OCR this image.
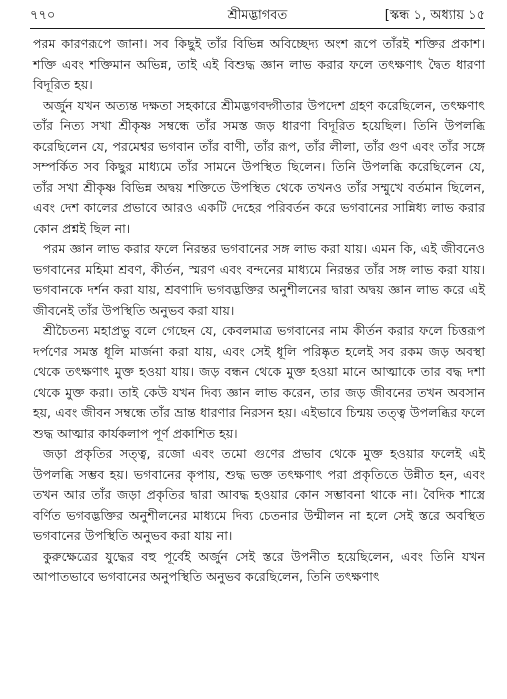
৭৭০	শ্রীমদ্ভাগবত	[স্কন্ধ ১, অধ্যায় ১৫

পরম কারণরূপে জানা। সব কিছুই তাঁর বিভিন্ন অবিচ্ছেদ্য অংশ রূপে তাঁরই শক্তির প্রকাশ। শক্তি এবং শক্তিমান অভিন্ন, তাই এই বিশুদ্ধ জ্ঞান লাভ করার ফলে তৎক্ষণাৎ দ্বৈত ধারণা বিদূরিত হয়।

অর্জুন যখন অত্যন্ত দক্ষতা সহকারে শ্রীমদ্ভগবদ্গীতার উপদেশ গ্রহণ করেছিলেন, তৎক্ষণাৎ তাঁর নিত্য সখা শ্রীকৃষ্ণ সম্বন্ধে তাঁর সমস্ত জড় ধারণা বিদূরিত হয়েছিল। তিনি উপলব্ধি করেছিলেন যে, পরমেশ্বর ভগবান তাঁর বাণী, তাঁর রূপ, তাঁর লীলা, তাঁর গুণ এবং তাঁর সঙ্গে সম্পর্কিত সব কিছুর মাধ্যমে তাঁর সামনে উপস্থিত ছিলেন। তিনি উপলব্ধি করেছিলেন যে, তাঁর সখা শ্রীকৃষ্ণ বিভিন্ন অদ্বয় শক্তিতে উপস্থিত থেকে তখনও তাঁর সম্মুখে বর্তমান ছিলেন, এবং দেশ কালের প্রভাবে আরও একটি দেহের পরিবর্তন করে ভগবানের সান্নিধ্য লাভ করার কোন প্রশ্নই ছিল না।

পরম জ্ঞান লাভ করার ফলে নিরন্তর ভগবানের সঙ্গ লাভ করা যায়। এমন কি, এই জীবনেও ভগবানের মহিমা শ্রবণ, কীর্তন, স্মরণ এবং বন্দনের মাধ্যমে নিরন্তর তাঁর সঙ্গ লাভ করা যায়। ভগবানকে দর্শন করা যায়, শ্রবণাদি ভগবদ্ভক্তির অনুশীলনের দ্বারা অদ্বয় জ্ঞান লাভ করে এই জীবনেই তাঁর উপস্থিতি অনুভব করা যায়।

শ্রীচৈতন্য মহাপ্রভু বলে গেছেন যে, কেবলমাত্র ভগবানের নাম কীর্তন করার ফলে চিত্তরূপ দর্পণের সমস্ত ধূলি মার্জনা করা যায়, এবং সেই ধূলি পরিষ্কৃত হলেই সব রকম জড় অবস্থা থেকে তৎক্ষণাৎ মুক্ত হওয়া যায়। জড় বন্ধন থেকে মুক্ত হওয়া মানে আত্মাকে তার বদ্ধ দশা থেকে মুক্ত করা। তাই কেউ যখন দিব্য জ্ঞান লাভ করেন, তার জড় জীবনের তখন অবসান হয়, এবং জীবন সম্বন্ধে তাঁর ভ্রান্ত ধারণার নিরসন হয়। এইভাবে চিন্ময় তত্ত্ব উপলব্ধির ফলে শুদ্ধ আত্মার কার্যকলাপ পূর্ণ প্রকাশিত হয়।

জড়া প্রকৃতির সত্ত্ব, রজো এবং তমো গুণের প্রভাব থেকে মুক্ত হওয়ার ফলেই এই উপলব্ধি সম্ভব হয়। ভগবানের কৃপায়, শুদ্ধ ভক্ত তৎক্ষণাৎ পরা প্রকৃতিতে উন্নীত হন, এবং তখন আর তাঁর জড়া প্রকৃতির দ্বারা আবদ্ধ হওয়ার কোন সম্ভাবনা থাকে না। বৈদিক শাস্ত্রে বর্ণিত ভগবদ্ভক্তির অনুশীলনের মাধ্যমে দিব্য চেতনার উন্মীলন না হলে সেই স্তরে অবস্থিত ভগবানের উপস্থিতি অনুভব করা যায় না।

কুরুক্ষেত্রের যুদ্ধের বহু পূর্বেই অর্জুন সেই স্তরে উপনীত হয়েছিলেন, এবং তিনি যখন আপাতভাবে ভগবানের অনুপস্থিতি অনুভব করেছিলেন, তিনি তৎক্ষণাৎ
